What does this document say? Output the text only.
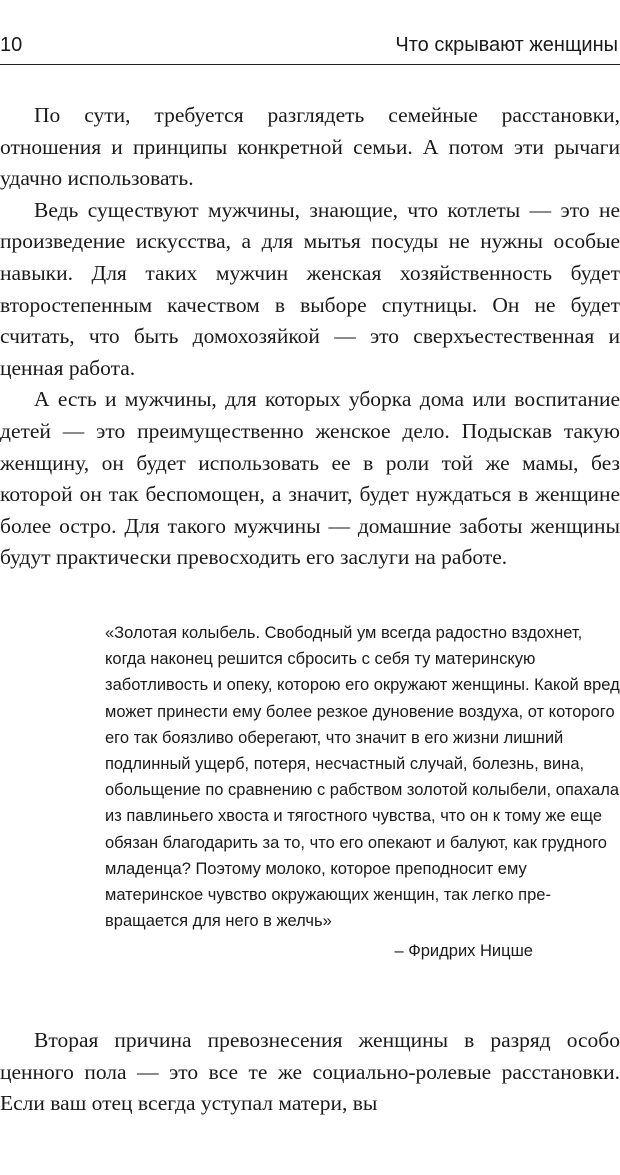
10	Что скрывают женщины

По сути, требуется разглядеть семейные расстановки, отношения и принципы конкретной семьи. А потом эти рычаги удачно использовать.

Ведь существуют мужчины, знающие, что котлеты — это не произведение искусства, а для мытья посуды не нужны особые навыки. Для таких мужчин женская хозяйственность будет второстепенным качеством в выборе спутницы. Он не будет считать, что быть домохозяйкой — это сверхъестественная и ценная работа.

А есть и мужчины, для которых уборка дома или воспитание детей — это преимущественно женское дело. Подыскав такую женщину, он будет использовать ее в роли той же мамы, без которой он так беспомощен, а значит, будет нуждаться в женщине более остро. Для такого мужчины — домашние заботы женщины будут практически превосходить его заслуги на работе.

«Золотая колыбель. Свободный ум всегда радостно вздохнет, когда наконец решится сбросить с себя ту материнскую заботливость и опеку, которою его окружают женщины. Какой вред может принести ему более резкое дуновение воздуха, от которого его так боязливо оберегают, что значит в его жизни лишний подлинный ущерб, потеря, несчастный случай, болезнь, вина, обольщение по сравнению с рабством золотой колыбели, опахала из павлиньего хвоста и тягостного чувства, что он к тому же еще обязан благодарить за то, что его опекают и балуют, как грудного младенца? Поэтому молоко, которое преподносит ему материнское чувство окружающих женщин, так легко превращается для него в желчь»

– Фридрих Ницше

Вторая причина превознесения женщины в разряд особо ценного пола — это все те же социально-ролевые расстановки. Если ваш отец всегда уступал матери, вы
